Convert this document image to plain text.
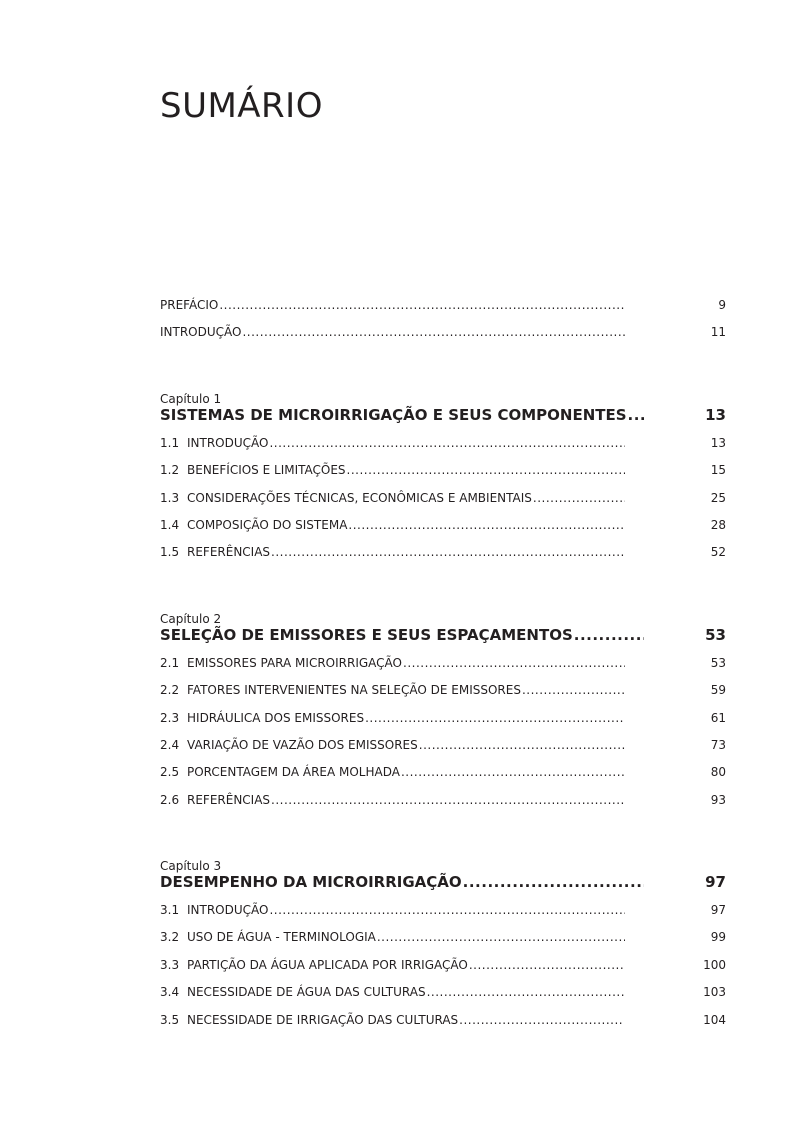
SUMÁRIO
PREFÁCIO .....	9
INTRODUÇÃO .....	11
Capítulo 1
SISTEMAS DE MICROIRRIGAÇÃO E SEUS COMPONENTES .....	13
1.1 INTRODUÇÃO .....	13
1.2 BENEFÍCIOS E LIMITAÇÕES .....	15
1.3 CONSIDERAÇÕES TÉCNICAS, ECONÔMICAS E AMBIENTAIS .....	25
1.4 COMPOSIÇÃO DO SISTEMA .....	28
1.5 REFERÊNCIAS .....	52
Capítulo 2
SELEÇÃO DE EMISSORES E SEUS ESPAÇAMENTOS .....	53
2.1 EMISSORES PARA MICROIRRIGAÇÃO .....	53
2.2 FATORES INTERVENIENTES NA SELEÇÃO DE EMISSORES .....	59
2.3 HIDRÁULICA DOS EMISSORES .....	61
2.4 VARIAÇÃO DE VAZÃO DOS EMISSORES .....	73
2.5 PORCENTAGEM DA ÁREA MOLHADA .....	80
2.6 REFERÊNCIAS .....	93
Capítulo 3
DESEMPENHO DA MICROIRRIGAÇÃO .....	97
3.1 INTRODUÇÃO .....	97
3.2 USO DE ÁGUA - TERMINOLOGIA .....	99
3.3 PARTIÇÃO DA ÁGUA APLICADA POR IRRIGAÇÃO .....	100
3.4 NECESSIDADE DE ÁGUA DAS CULTURAS .....	103
3.5 NECESSIDADE DE IRRIGAÇÃO DAS CULTURAS .....	104
